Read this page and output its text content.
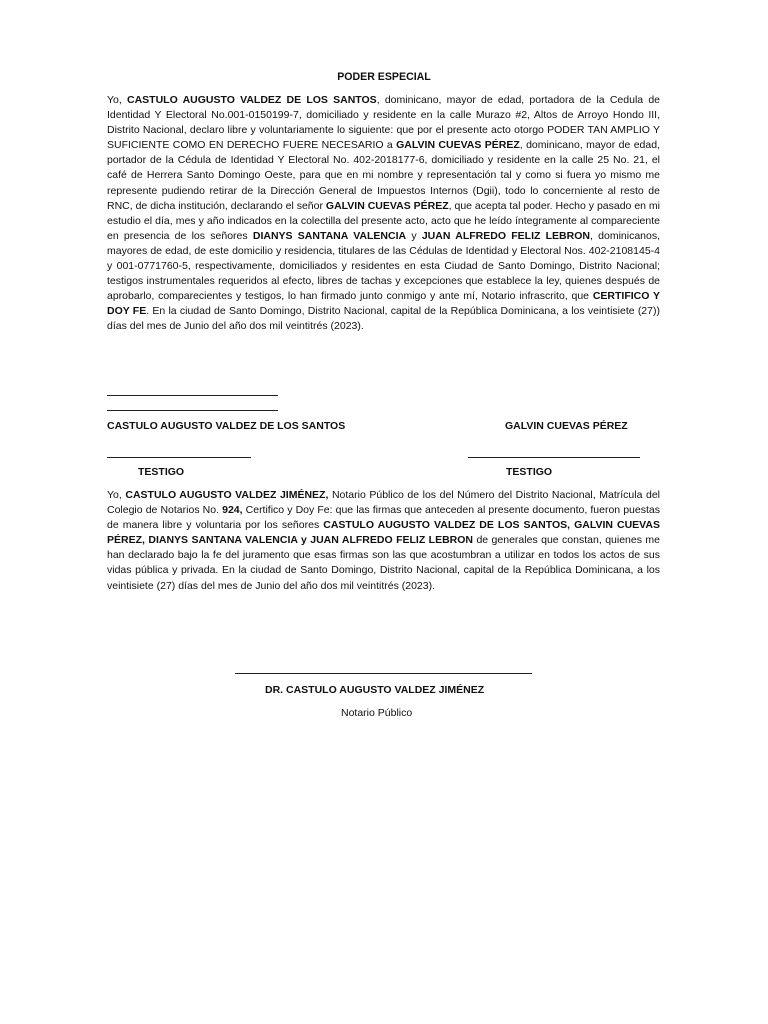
PODER ESPECIAL
Yo, CASTULO AUGUSTO VALDEZ DE LOS SANTOS, dominicano, mayor de edad, portadora de la Cedula de Identidad Y Electoral No.001-0150199-7, domiciliado y residente en la calle Murazo #2, Altos de Arroyo Hondo III, Distrito Nacional, declaro libre y voluntariamente lo siguiente: que por el presente acto otorgo PODER TAN AMPLIO Y SUFICIENTE COMO EN DERECHO FUERE NECESARIO a GALVIN CUEVAS PÉREZ, dominicano, mayor de edad, portador de la Cédula de Identidad Y Electoral No. 402-2018177-6, domiciliado y residente en la calle 25 No. 21, el café de Herrera Santo Domingo Oeste, para que en mi nombre y representación tal y como si fuera yo mismo me represente pudiendo retirar de la Dirección General de Impuestos Internos (Dgii), todo lo concerniente al resto de RNC, de dicha institución, declarando el señor GALVIN CUEVAS PÉREZ, que acepta tal poder. Hecho y pasado en mi estudio el día, mes y año indicados en la colectilla del presente acto, acto que he leído íntegramente al compareciente en presencia de los señores DIANYS SANTANA VALENCIA y JUAN ALFREDO FELIZ LEBRON, dominicanos, mayores de edad, de este domicilio y residencia, titulares de las Cédulas de Identidad y Electoral Nos. 402-2108145-4 y 001-0771760-5, respectivamente, domiciliados y residentes en esta Ciudad de Santo Domingo, Distrito Nacional; testigos instrumentales requeridos al efecto, libres de tachas y excepciones que establece la ley, quienes después de aprobarlo, comparecientes y testigos, lo han firmado junto conmigo y ante mí, Notario infrascrito, que CERTIFICO Y DOY FE. En la ciudad de Santo Domingo, Distrito Nacional, capital de la República Dominicana, a los veintisiete (27)) días del mes de Junio del año dos mil veintitrés (2023).
CASTULO AUGUSTO VALDEZ DE LOS SANTOS	GALVIN CUEVAS PÉREZ
TESTIGO	TESTIGO
Yo, CASTULO AUGUSTO VALDEZ JIMÉNEZ, Notario Público de los del Número del Distrito Nacional, Matrícula del Colegio de Notarios No. 924, Certifico y Doy Fe: que las firmas que anteceden al presente documento, fueron puestas de manera libre y voluntaria por los señores CASTULO AUGUSTO VALDEZ DE LOS SANTOS, GALVIN CUEVAS PÉREZ, DIANYS SANTANA VALENCIA y JUAN ALFREDO FELIZ LEBRON de generales que constan, quienes me han declarado bajo la fe del juramento que esas firmas son las que acostumbran a utilizar en todos los actos de sus vidas pública y privada. En la ciudad de Santo Domingo, Distrito Nacional, capital de la República Dominicana, a los veintisiete (27) días del mes de Junio del año dos mil veintitrés (2023).
DR. CASTULO AUGUSTO VALDEZ JIMÉNEZ
Notario Público
